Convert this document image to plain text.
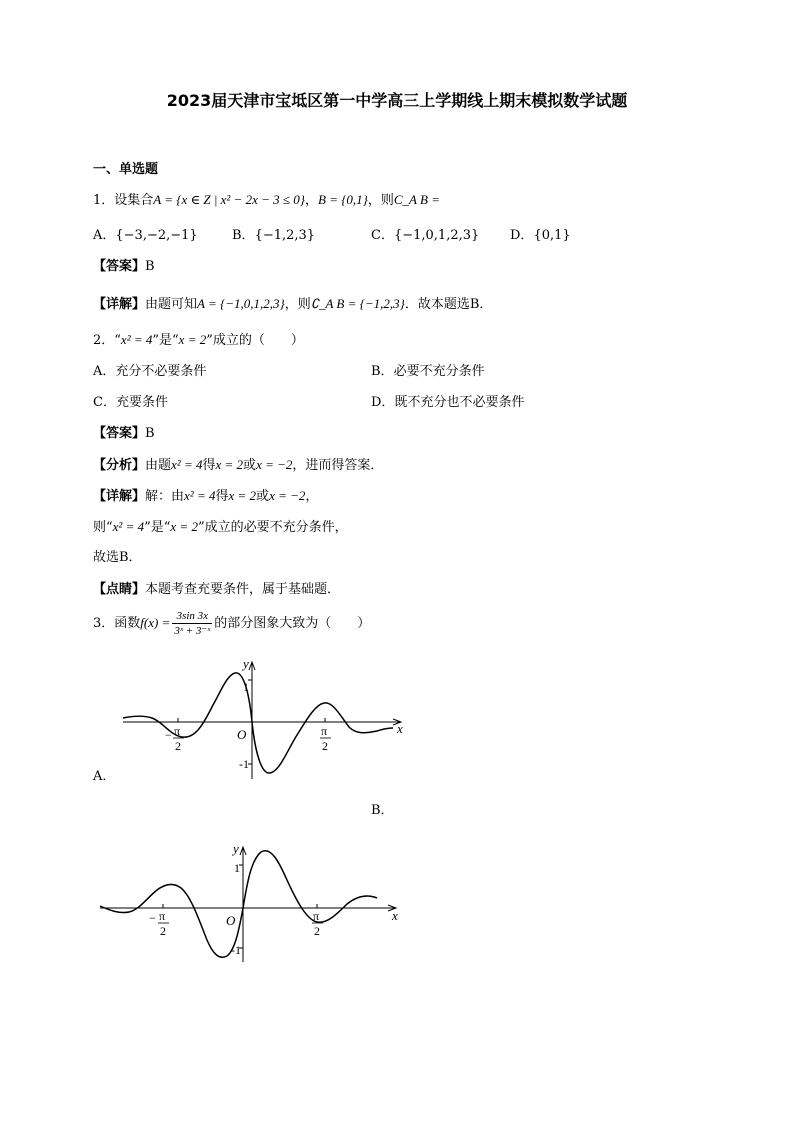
2023届天津市宝坻区第一中学高三上学期线上期末模拟数学试题
一、单选题
1．设集合A = {x ∈ Z | x² − 2x − 3 ≤ 0}，B = {0,1}，则C_A B =
A．{−3,−2,−1}	B．{−1,2,3}	C．{−1,0,1,2,3} D．{0,1}
【答案】B
【详解】由题可知A = {−1,0,1,2,3}，则∁_A B = {−1,2,3}．故本题选B．
2．“x² = 4”是“x = 2”成立的（　　）
A．充分不必要条件	B．必要不充分条件
C．充要条件	D．既不充分也不必要条件
【答案】B
【分析】由题x² = 4得x = 2或x = −2，进而得答案．
【详解】解：由x² = 4得x = 2或x = −2，
则“x² = 4”是“x = 2”成立的必要不充分条件，
故选B．
【点睛】本题考查充要条件，属于基础题．
3．函数$f(x) = \frac{3\sin 3x}{\text{3ˣ + 3⁻ˣ}}$ 的部分图象大致为（　　）
y
x
O
1
-1
− π
2
π
2
A．
B．
y
x
O
1
-1
− π
2
π
2
